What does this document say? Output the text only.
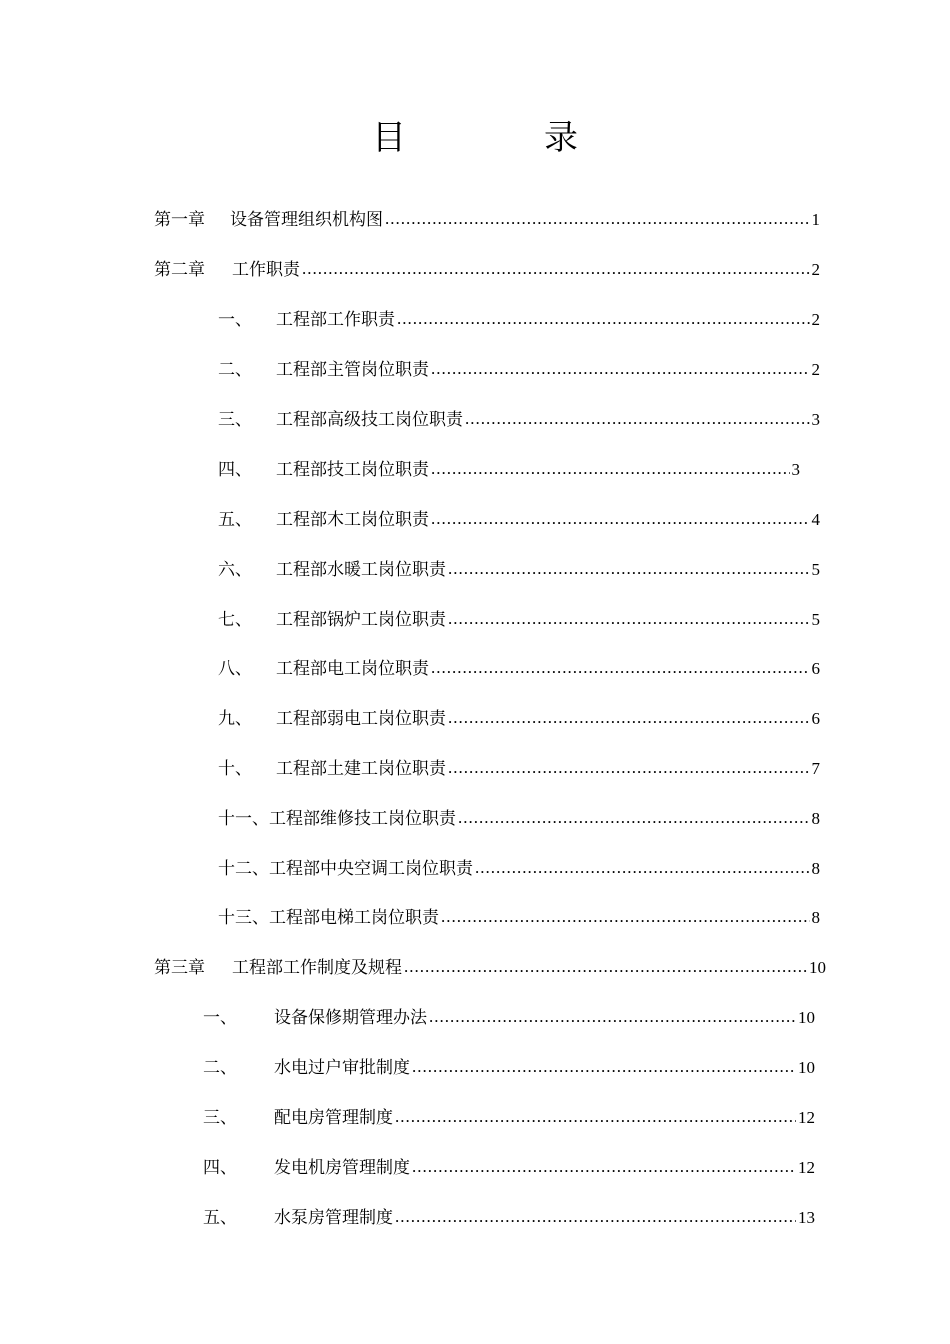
目　录
第一章	设备管理组织机构图 .....	1
第二章	工作职责 .....	2
一、	工程部工作职责 .....	2
二、	工程部主管岗位职责 .....	2
三、	工程部高级技工岗位职责 .....	3
四、	工程部技工岗位职责 .....	3
五、	工程部木工岗位职责 .....	4
六、	工程部水暖工岗位职责 .....	5
七、	工程部锅炉工岗位职责 .....	5
八、	工程部电工岗位职责 .....	6
九、	工程部弱电工岗位职责 .....	6
十、	工程部土建工岗位职责 .....	7
十一、 工程部维修技工岗位职责 .....	8
十二、 工程部中央空调工岗位职责 .....	8
十三、 工程部电梯工岗位职责 .....	8
第三章	工程部工作制度及规程 .....	10
一、	设备保修期管理办法 .....	10
二、	水电过户审批制度 .....	10
三、	配电房管理制度 .....	12
四、	发电机房管理制度 .....	12
五、	水泵房管理制度 .....	13
